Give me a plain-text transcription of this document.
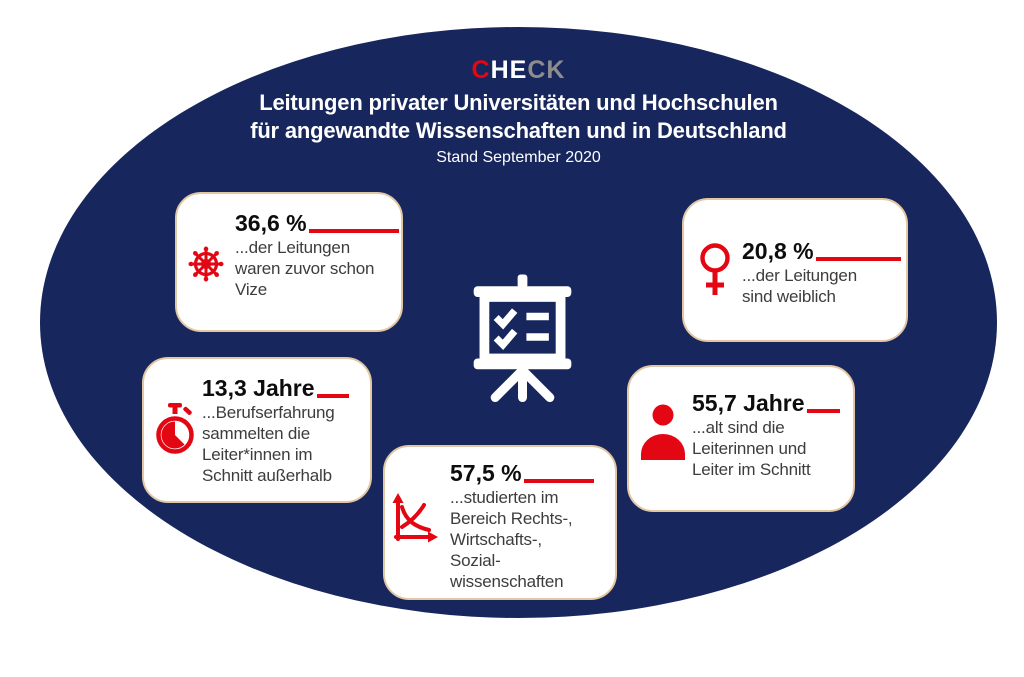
CHECK
Leitungen privater Universitäten und Hochschulen
für angewandte Wissenschaften und in Deutschland
Stand September 2020
36,6 %
...der Leitungen
waren zuvor schon
Vize
20,8 %
...der Leitungen
sind weiblich
13,3 Jahre
...Berufserfahrung
sammelten die
Leiter*innen im
Schnitt außerhalb	57,5 %
...studierten im
Bereich Rechts-,
Wirtschafts-,
Sozial-
wissenschaften
55,7 Jahre
...alt sind die
Leiterinnen und
Leiter im Schnitt
